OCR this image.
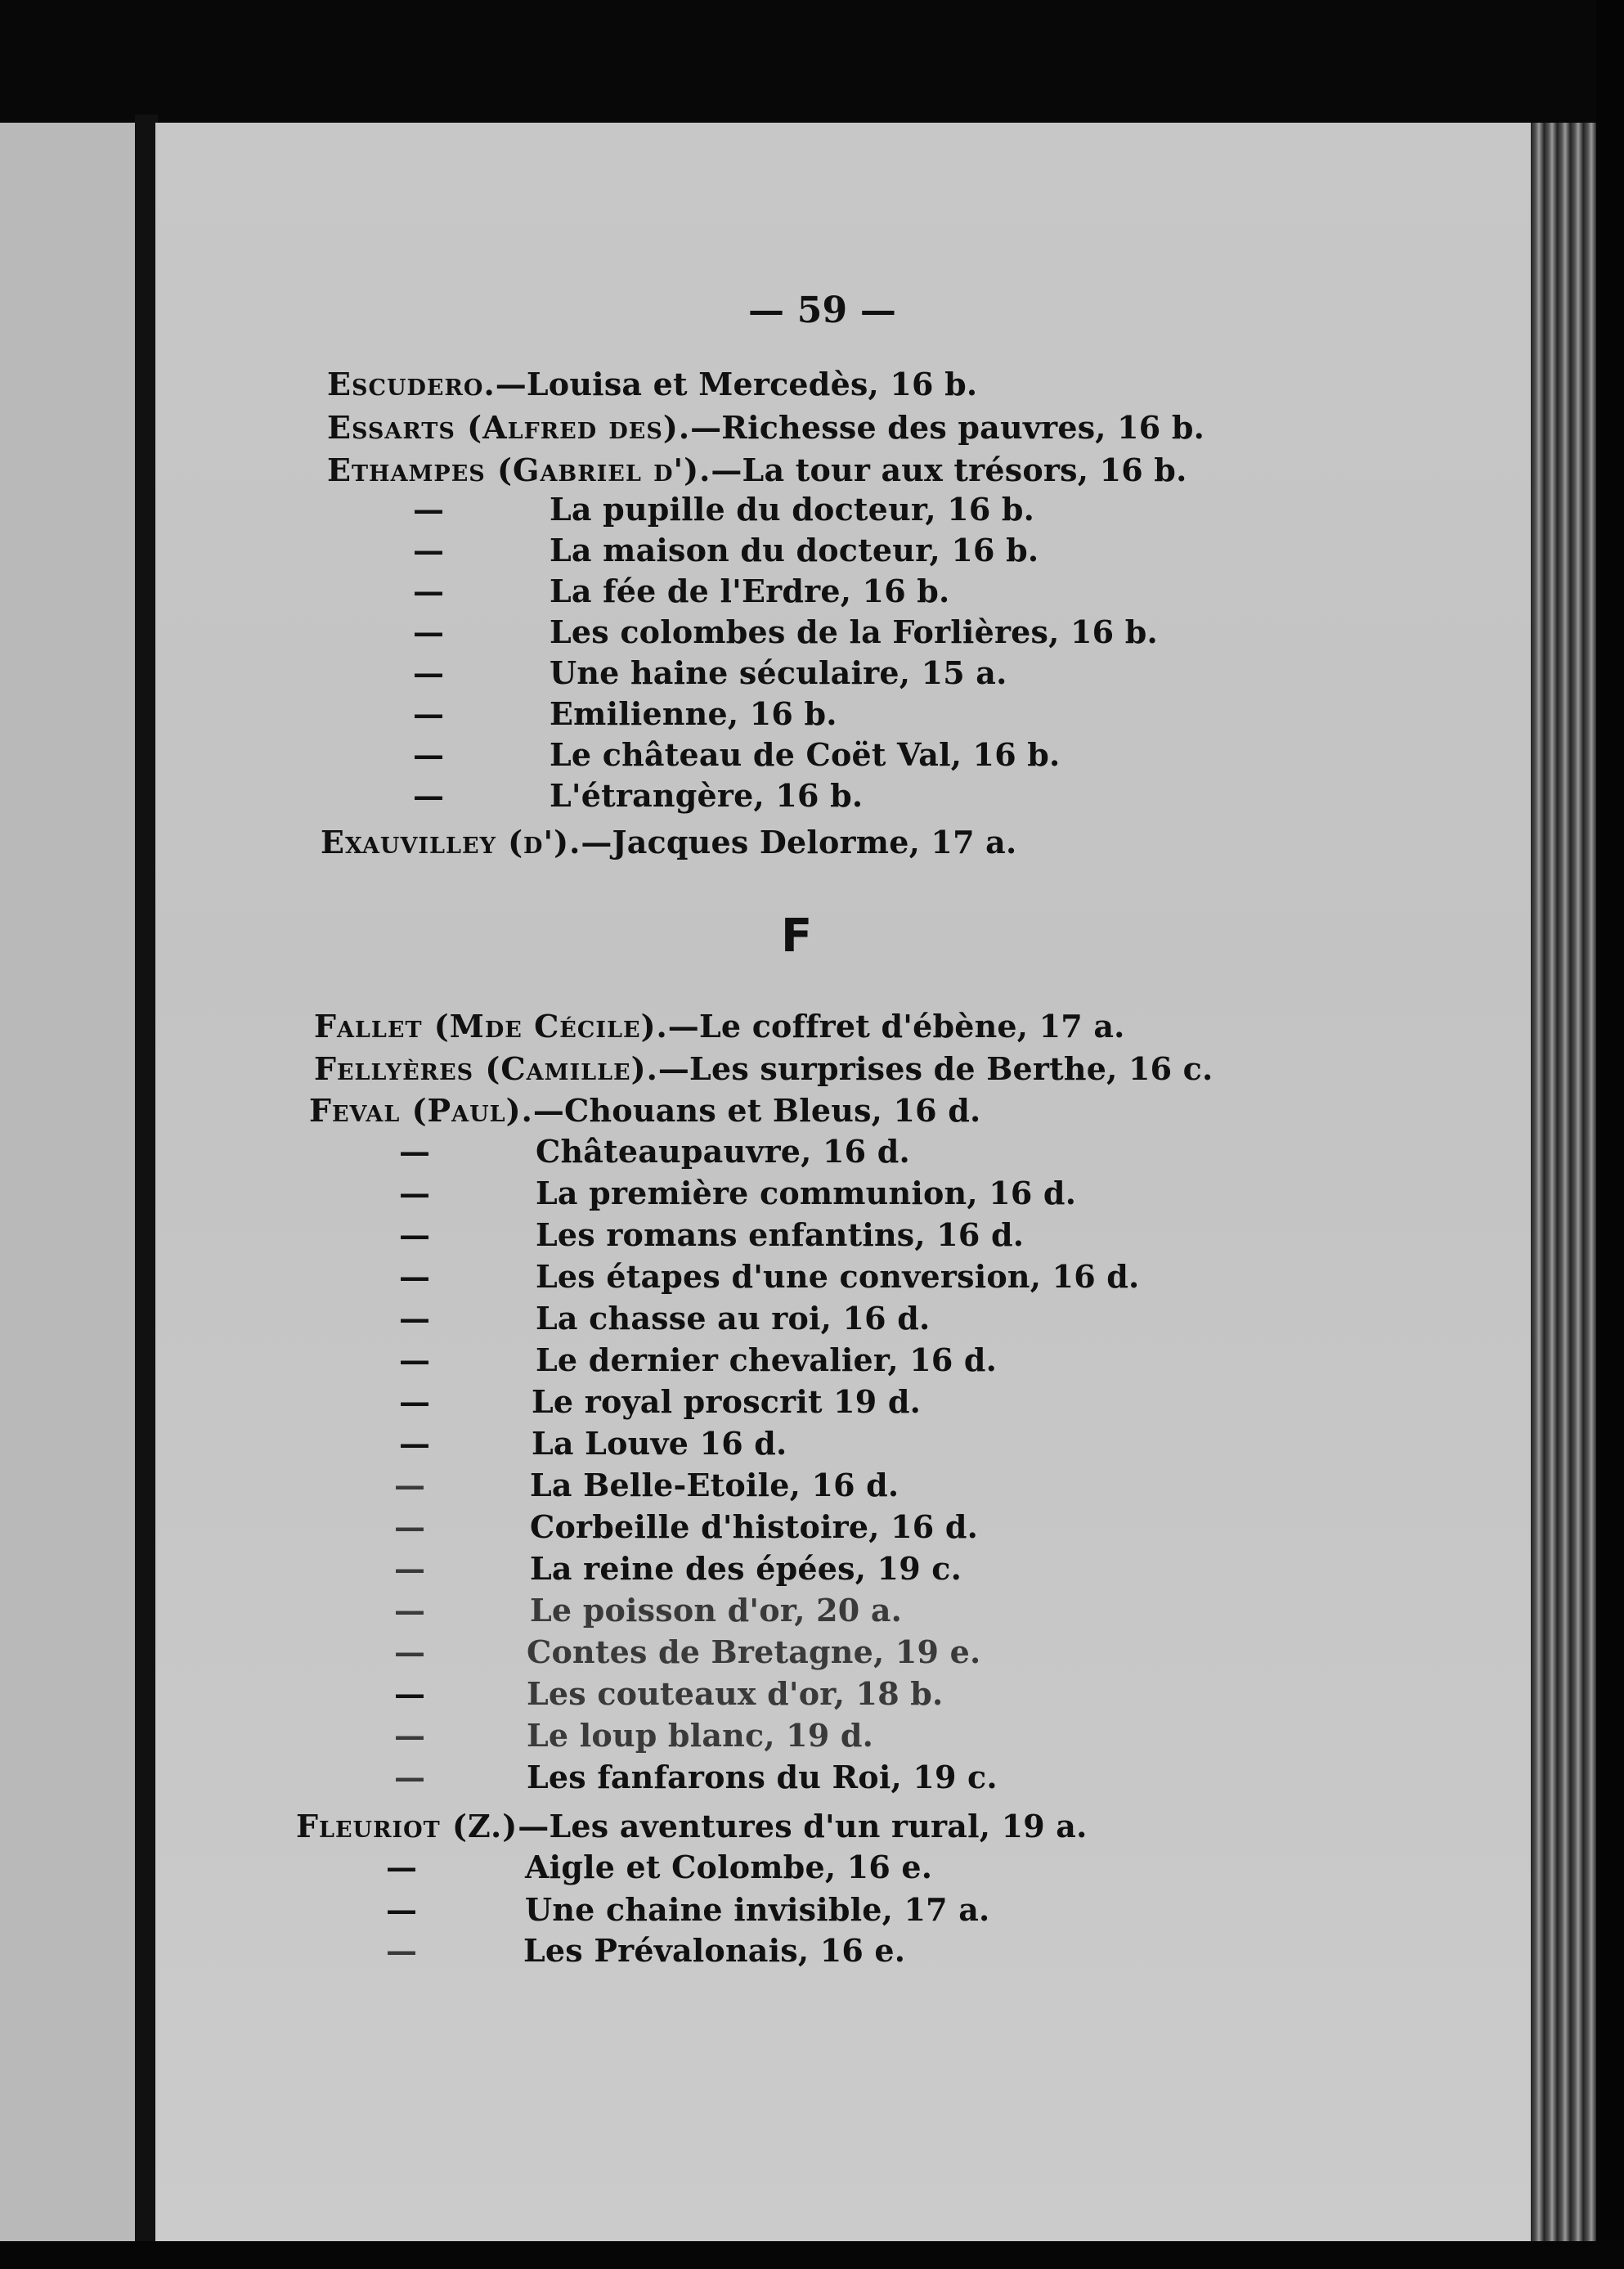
— 59 —
Escudero.—Louisa et Mercedès, 16 b.
Essarts (Alfred des).—Richesse des pauvres, 16 b.
Ethampes (Gabriel d').—La tour aux trésors, 16 b.
—	La pupille du docteur, 16 b.
—	La maison du docteur, 16 b.
—	La fée de l'Erdre, 16 b.
—	Les colombes de la Forlières, 16 b.
—	Une haine séculaire, 15 a.
—	Emilienne, 16 b.
—	Le château de Coët Val, 16 b.
—	L'étrangère, 16 b.
Exauvilley (d').—Jacques Delorme, 17 a.
F
Fallet (Mde Cécile).—Le coffret d'ébène, 17 a.
Fellyères (Camille).—Les surprises de Berthe, 16 c.
Feval (Paul).—Chouans et Bleus, 16 d.
—	Châteaupauvre, 16 d.
—	La première communion, 16 d.
—	Les romans enfantins, 16 d.
—	Les étapes d'une conversion, 16 d.
—	La chasse au roi, 16 d.
—	Le dernier chevalier, 16 d.
—	Le royal proscrit 19 d.
—	La Louve 16 d.
—	La Belle-Etoile, 16 d.
—	Corbeille d'histoire, 16 d.
—	La reine des épées, 19 c.
—	Le poisson d'or, 20 a.
—	Contes de Bretagne, 19 e.
—	Les couteaux d'or, 18 b.
—	Le loup blanc, 19 d.
—	Les fanfarons du Roi, 19 c.
Fleuriot (Z.)—Les aventures d'un rural, 19 a.
—	Aigle et Colombe, 16 e.
—	Une chaine invisible, 17 a.
—	Les Prévalonais, 16 e.
